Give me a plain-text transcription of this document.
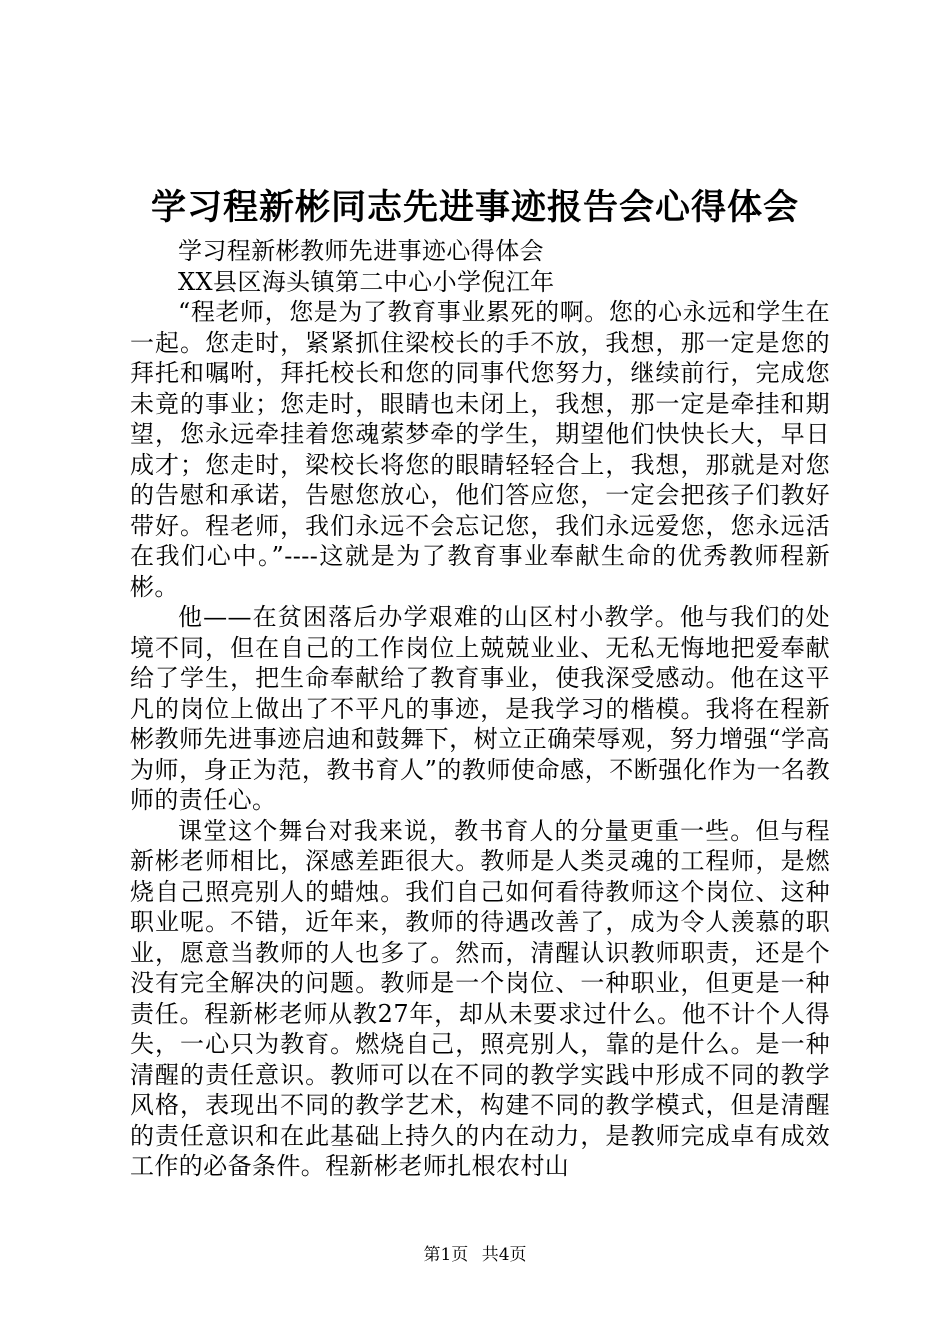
学习程新彬同志先进事迹报告会心得体会

学习程新彬教师先进事迹心得体会

XX县区海头镇第二中心小学倪江年

“程老师，您是为了教育事业累死的啊。您的心永远和学生在一起。您走时，紧紧抓住梁校长的手不放，我想，那一定是您的拜托和嘱咐，拜托校长和您的同事代您努力，继续前行，完成您未竟的事业；您走时，眼睛也未闭上，我想，那一定是牵挂和期望，您永远牵挂着您魂萦梦牵的学生，期望他们快快长大，早日成才；您走时，梁校长将您的眼睛轻轻合上，我想，那就是对您的告慰和承诺，告慰您放心，他们答应您，一定会把孩子们教好带好。程老师，我们永远不会忘记您，我们永远爱您，您永远活在我们心中。”----这就是为了教育事业奉献生命的优秀教师程新彬。

他——在贫困落后办学艰难的山区村小教学。他与我们的处境不同，但在自己的工作岗位上兢兢业业、无私无悔地把爱奉献给了学生，把生命奉献给了教育事业，使我深受感动。他在这平凡的岗位上做出了不平凡的事迹，是我学习的楷模。我将在程新彬教师先进事迹启迪和鼓舞下，树立正确荣辱观，努力增强“学高为师，身正为范，教书育人”的教师使命感，不断强化作为一名教师的责任心。

课堂这个舞台对我来说，教书育人的分量更重一些。但与程新彬老师相比，深感差距很大。教师是人类灵魂的工程师，是燃烧自己照亮别人的蜡烛。我们自己如何看待教师这个岗位、这种职业呢。不错，近年来，教师的待遇改善了，成为令人羡慕的职业，愿意当教师的人也多了。然而，清醒认识教师职责，还是个没有完全解决的问题。教师是一个岗位、一种职业，但更是一种责任。程新彬老师从教27年，却从未要求过什么。他不计个人得失，一心只为教育。燃烧自己，照亮别人，靠的是什么。是一种清醒的责任意识。教师可以在不同的教学实践中形成不同的教学风格，表现出不同的教学艺术，构建不同的教学模式，但是清醒的责任意识和在此基础上持久的内在动力，是教师完成卓有成效工作的必备条件。程新彬老师扎根农村山

第1页 共4页
